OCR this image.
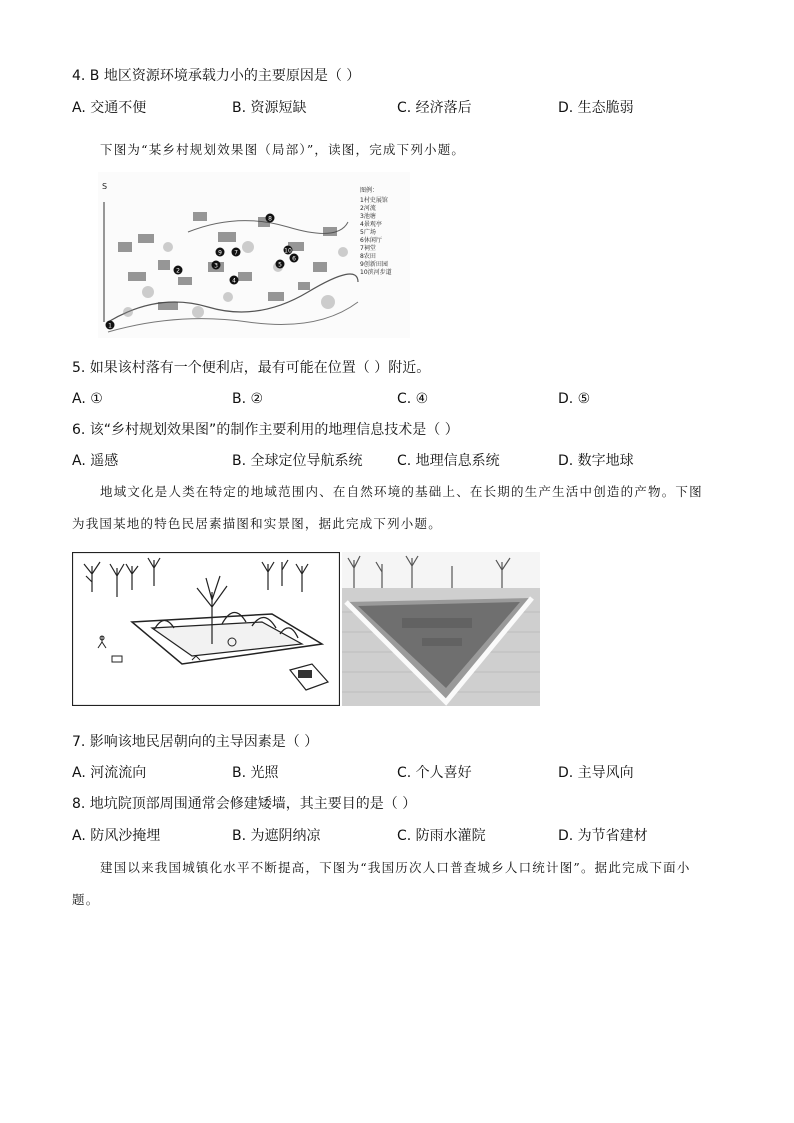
4. B 地区资源环境承载力小的主要原因是（ ）
A. 交通不便	B. 资源短缺	C. 经济落后	D. 生态脆弱
下图为“某乡村规划效果图（局部）”，读图，完成下列小题。
S
1
2
3
4
5
6
7
8
9	10
图例：
1村史展馆
2河流
3池塘
4景观亭
5广场
6休闲厅
7祠堂
8农田
9创新田园
10滨河步道
5. 如果该村落有一个便利店，最有可能在位置（ ）附近。
A. ①	B. ②	C. ④	D. ⑤
6. 该“乡村规划效果图”的制作主要利用的地理信息技术是（ ）
A. 遥感	B. 全球定位导航系统 C. 地理信息系统	D. 数字地球
地域文化是人类在特定的地域范围内、在自然环境的基础上、在长期的生产生活中创造的产物。下图
为我国某地的特色民居素描图和实景图，据此完成下列小题。
7. 影响该地民居朝向的主导因素是（ ）
A. 河流流向	B. 光照	C. 个人喜好	D. 主导风向
8. 地坑院顶部周围通常会修建矮墙，其主要目的是（ ）
A. 防风沙掩埋	B. 为遮阴纳凉	C. 防雨水灌院	D. 为节省建材
建国以来我国城镇化水平不断提高，下图为“我国历次人口普查城乡人口统计图”。据此完成下面小
题。
